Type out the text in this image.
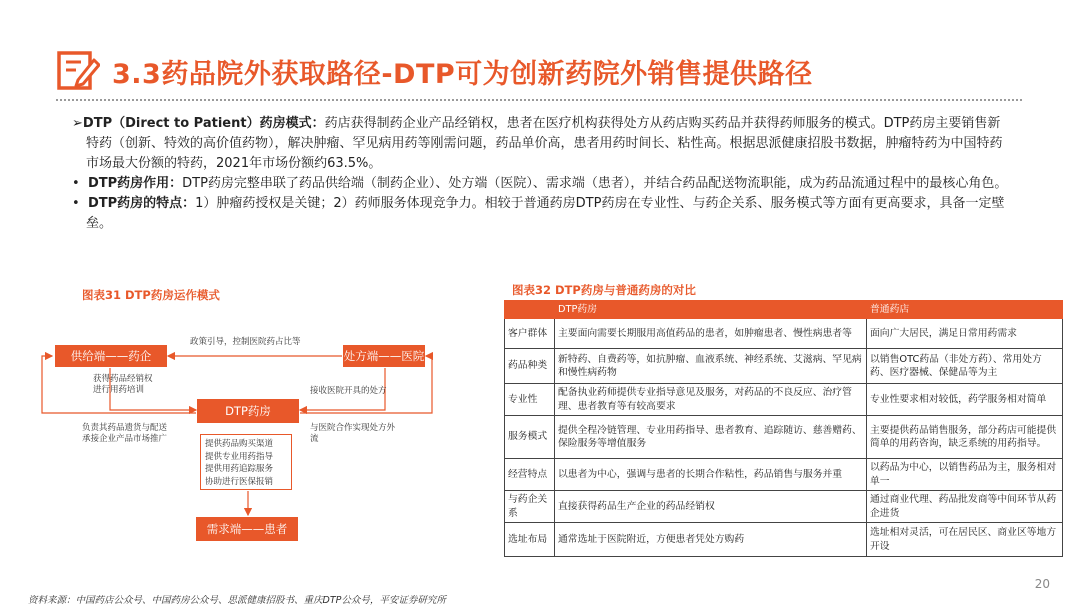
3.3药品院外获取路径-DTP可为创新药院外销售提供路径

➢DTP（Direct to Patient）药房模式：药店获得制药企业产品经销权，患者在医疗机构获得处方从药店购买药品并获得药师服务的模式。DTP药房主要销售新特药（创新、特效的高价值药物），解决肿瘤、罕见病用药等刚需问题，药品单价高，患者用药时间长、粘性高。根据思派健康招股书数据，肿瘤特药为中国特药市场最大份额的特药，2021年市场份额约63.5%。

• DTP药房作用：DTP药房完整串联了药品供给端（制药企业）、处方端（医院）、需求端（患者），并结合药品配送物流职能，成为药品流通过程中的最核心角色。

• DTP药房的特点：1）肿瘤药授权是关键；2）药师服务体现竞争力。相较于普通药房DTP药房在专业性、与药企关系、服务模式等方面有更高要求，具备一定壁垒。

图表31 DTP药房运作模式
供给端——药企	处方端——医院
DTP药房
需求端——患者
政策引导，控制医院药占比等
获得药品经销权
进行用药培训	接收医院开具的处方
负责其药品遗货与配送
承接企业产品市场推广
与医院合作实现处方外
流
提供药品购买渠道
提供专业用药指导
提供用药追踪服务
协助进行医保报销
图表32 DTP药房与普通药房的对比
	DTP药房	普通药店
客户群体	主要面向需要长期服用高值药品的患者，如肿瘤患者、慢性病患者等	面向广大居民，满足日常用药需求
药品种类	新特药、自费药等，如抗肿瘤、血液系统、神经系统、艾滋病、罕见病和慢性病药物	以销售OTC药品（非处方药）、常用处方药、医疗器械、保健品等为主
专业性	配备执业药师提供专业指导意见及服务，对药品的不良反应、治疗管理、患者教育等有较高要求	专业性要求相对较低，药学服务相对简单
服务模式	提供全程冷链管理、专业用药指导、患者教育、追踪随访、慈善赠药、保险服务等增值服务	主要提供药品销售服务，部分药店可能提供简单的用药咨询，缺乏系统的用药指导。
经营特点	以患者为中心，强调与患者的长期合作粘性，药品销售与服务并重	以药品为中心，以销售药品为主，服务相对单一
与药企关系	直接获得药品生产企业的药品经销权	通过商业代理、药品批发商等中间环节从药企进货
选址布局	通常选址于医院附近，方便患者凭处方购药	选址相对灵活，可在居民区、商业区等地方开设
资料来源：中国药店公众号、中国药房公众号、思派健康招股书、重庆DTP公众号，平安证券研究所
20
